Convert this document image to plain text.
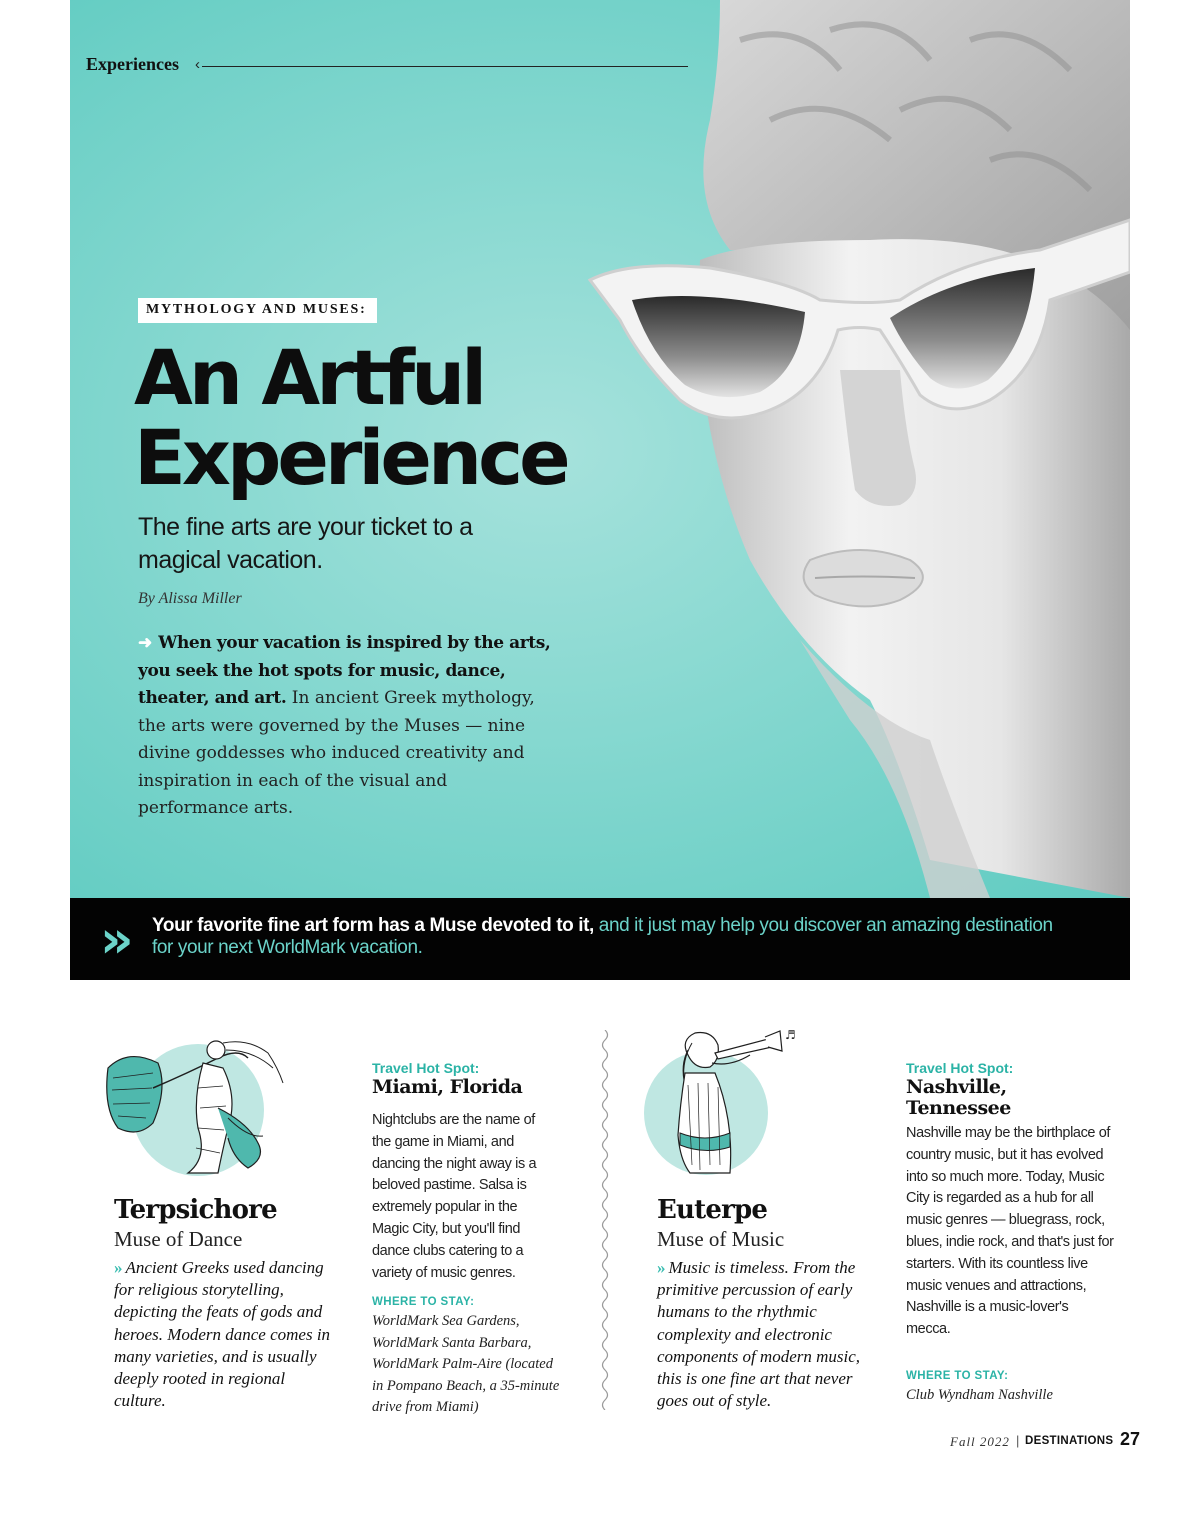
Experiences ‹
MYTHOLOGY AND MUSES:
An Artful
Experience
The fine arts are your ticket to a magical vacation.
By Alissa Miller
➜ When your vacation is inspired by the arts, you seek the hot spots for music, dance, theater, and art. In ancient Greek mythology, the arts were governed by the Muses — nine divine goddesses who induced creativity and inspiration in each of the visual and performance arts.
» Your favorite fine art form has a Muse devoted to it, and it just may help you discover an amazing destination for your next WorldMark vacation.
Terpsichore
Muse of Dance
» Ancient Greeks used dancing for religious storytelling, depicting the feats of gods and heroes. Modern dance comes in many varieties, and is usually deeply rooted in regional culture.
Travel Hot Spot:
Miami, Florida
Nightclubs are the name of the game in Miami, and dancing the night away is a beloved pastime. Salsa is extremely popular in the Magic City, but you'll find dance clubs catering to a variety of music genres.
WHERE TO STAY:
WorldMark Sea Gardens, WorldMark Santa Barbara, WorldMark Palm-Aire (located in Pompano Beach, a 35-minute drive from Miami)
♬
Euterpe
Muse of Music
» Music is timeless. From the primitive percussion of early humans to the rhythmic complexity and electronic components of modern music, this is one fine art that never goes out of style.
Travel Hot Spot:
Nashville, Tennessee
Nashville may be the birthplace of country music, but it has evolved into so much more. Today, Music City is regarded as a hub for all music genres — bluegrass, rock, blues, indie rock, and that's just for starters. With its countless live music venues and attractions, Nashville is a music-lover's mecca.
WHERE TO STAY:
Club Wyndham Nashville
Fall 2022 | DESTINATIONS 27
